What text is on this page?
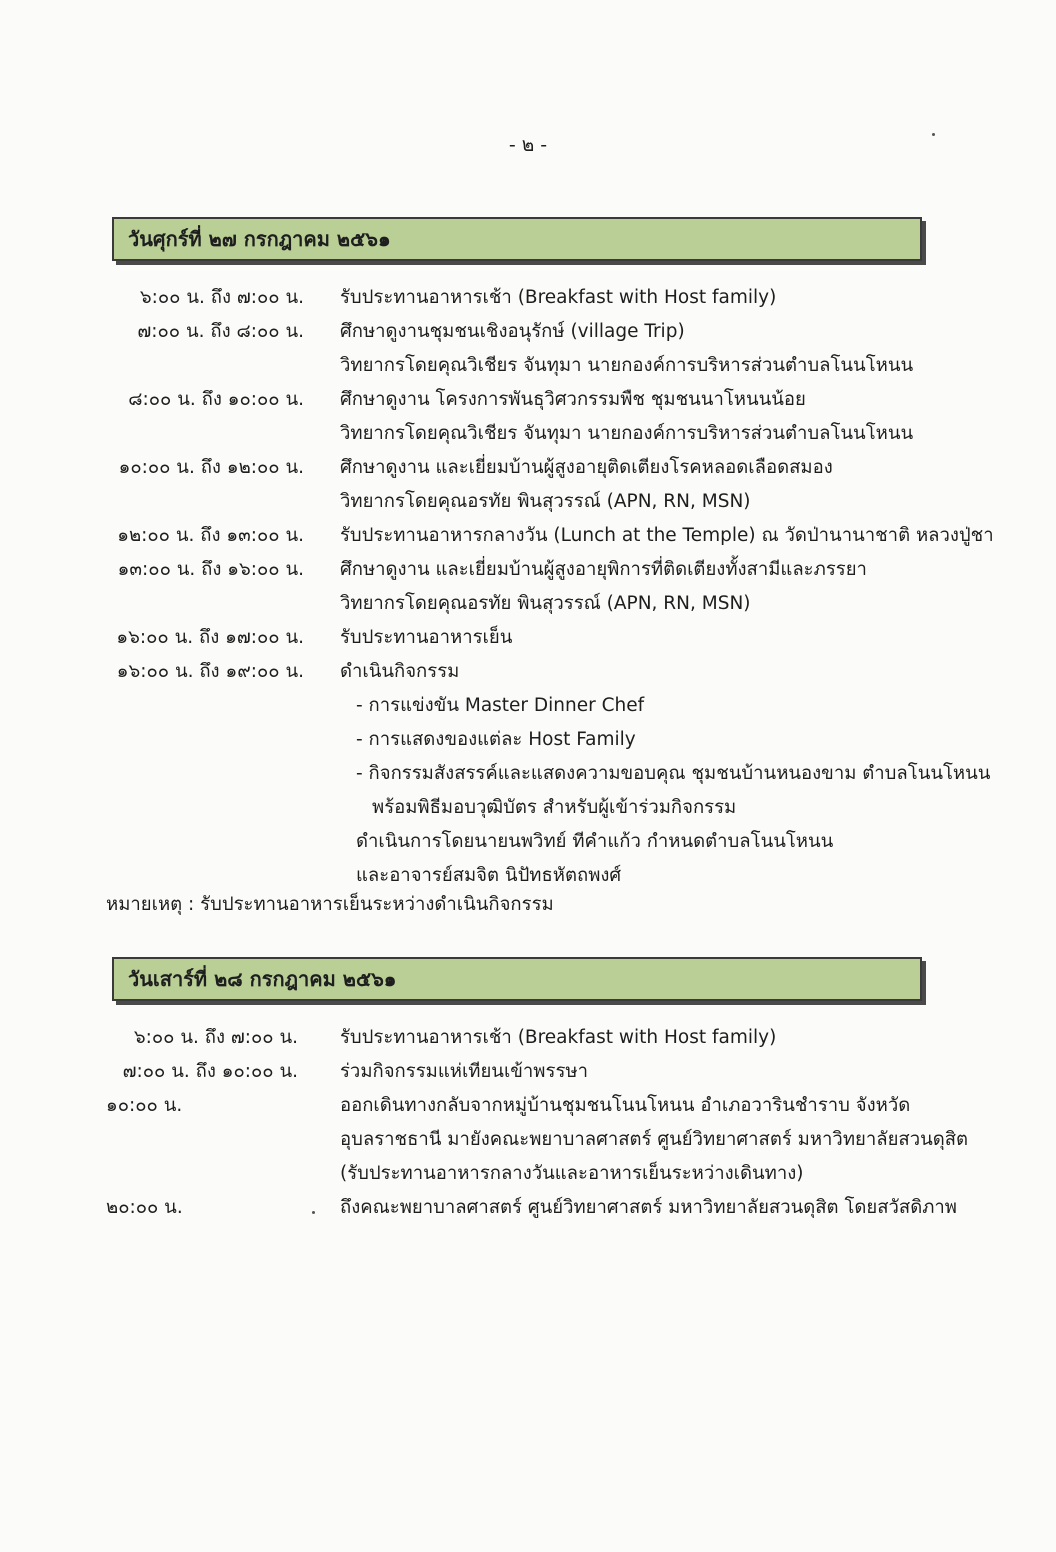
- ๒ -
วันศุกร์ที่ ๒๗ กรกฎาคม ๒๕๖๑
๖:๐๐ น. ถึง ๗:๐๐ น. รับประทานอาหารเช้า (Breakfast with Host family)
๗:๐๐ น. ถึง ๘:๐๐ น. ศึกษาดูงานชุมชนเชิงอนุรักษ์ (village Trip)
วิทยากรโดยคุณวิเชียร จันทุมา นายกองค์การบริหารส่วนตำบลโนนโหนน
๘:๐๐ น. ถึง ๑๐:๐๐ น. ศึกษาดูงาน โครงการพันธุวิศวกรรมพืช ชุมชนนาโหนนน้อย
วิทยากรโดยคุณวิเชียร จันทุมา นายกองค์การบริหารส่วนตำบลโนนโหนน
๑๐:๐๐ น. ถึง ๑๒:๐๐ น. ศึกษาดูงาน และเยี่ยมบ้านผู้สูงอายุติดเตียงโรคหลอดเลือดสมอง
วิทยากรโดยคุณอรทัย พินสุวรรณ์ (APN, RN, MSN)
๑๒:๐๐ น. ถึง ๑๓:๐๐ น. รับประทานอาหารกลางวัน (Lunch at the Temple) ณ วัดป่านานาชาติ หลวงปู่ชา
๑๓:๐๐ น. ถึง ๑๖:๐๐ น. ศึกษาดูงาน และเยี่ยมบ้านผู้สูงอายุพิการที่ติดเตียงทั้งสามีและภรรยา
วิทยากรโดยคุณอรทัย พินสุวรรณ์ (APN, RN, MSN)
๑๖:๐๐ น. ถึง ๑๗:๐๐ น. รับประทานอาหารเย็น
๑๖:๐๐ น. ถึง ๑๙:๐๐ น. ดำเนินกิจกรรม
- การแข่งขัน Master Dinner Chef
- การแสดงของแต่ละ Host Family
- กิจกรรมสังสรรค์และแสดงความขอบคุณ ชุมชนบ้านหนองขาม ตำบลโนนโหนน
พร้อมพิธีมอบวุฒิบัตร สำหรับผู้เข้าร่วมกิจกรรม
ดำเนินการโดยนายนพวิทย์ ทีคำแก้ว กำหนดตำบลโนนโหนน
และอาจารย์สมจิต นิปัทธหัตถพงศ์
หมายเหตุ : รับประทานอาหารเย็นระหว่างดำเนินกิจกรรม
วันเสาร์ที่ ๒๘ กรกฎาคม ๒๕๖๑
๖:๐๐ น. ถึง ๗:๐๐ น. รับประทานอาหารเช้า (Breakfast with Host family)
๗:๐๐ น. ถึง ๑๐:๐๐ น. ร่วมกิจกรรมแห่เทียนเข้าพรรษา
๑๐:๐๐ น.	ออกเดินทางกลับจากหมู่บ้านชุมชนโนนโหนน อำเภอวารินชำราบ จังหวัด
อุบลราชธานี มายังคณะพยาบาลศาสตร์ ศูนย์วิทยาศาสตร์ มหาวิทยาลัยสวนดุสิต
(รับประทานอาหารกลางวันและอาหารเย็นระหว่างเดินทาง)
๒๐:๐๐ น.	ถึงคณะพยาบาลศาสตร์ ศูนย์วิทยาศาสตร์ มหาวิทยาลัยสวนดุสิต โดยสวัสดิภาพ
